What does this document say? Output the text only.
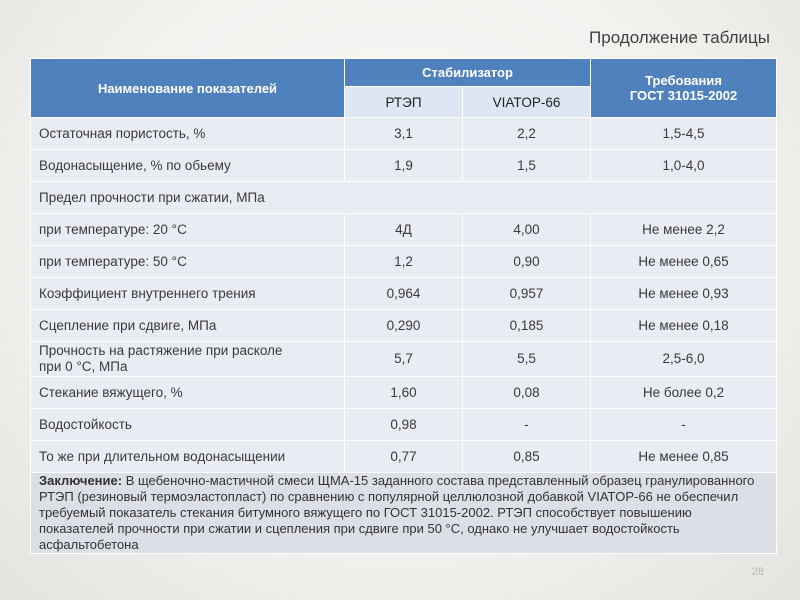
Продолжение таблицы
Наименование показателей	Стабилизатор		Требования
ГОСТ 31015-2002
	РТЭП	VIATOP-66	
Остаточная пористость, %	3,1	2,2	1,5-4,5
Водонасыщение, % по обьему	1,9	1,5	1,0-4,0
Предел прочности при сжатии, МПа			
при температуре: 20 °С	4Д	4,00	Не менее 2,2
при температуре: 50 °С	1,2	0,90	Не менее 0,65
Коэффициент внутреннего трения	0,964	0,957	Не менее 0,93
Сцепление при сдвиге, МПа	0,290	0,185	Не менее 0,18
Прочность на растяжение при расколе
при 0 °С, МПа	5,7	5,5	2,5-6,0
Стекание вяжущего, %	1,60	0,08	Не более 0,2
Водостойкость	0,98	-	-
То же при длительном водонасыщении	0,77	0,85	Не менее 0,85
Заключение: В щебеночно-мастичной смеси ЩМА-15 заданного состава представленный образец гранулированного РТЭП (резиновый термоэластопласт) по сравнению с популярной целлюлозной добавкой VIATOP-66 не обеспечил требуемый показатель стекания битумного вяжущего по ГОСТ 31015-2002. РТЭП способствует повышению показателей прочности при сжатии и сцепления при сдвиге при 50 °С, однако не улучшает водостойкость асфальтобетона			
28
